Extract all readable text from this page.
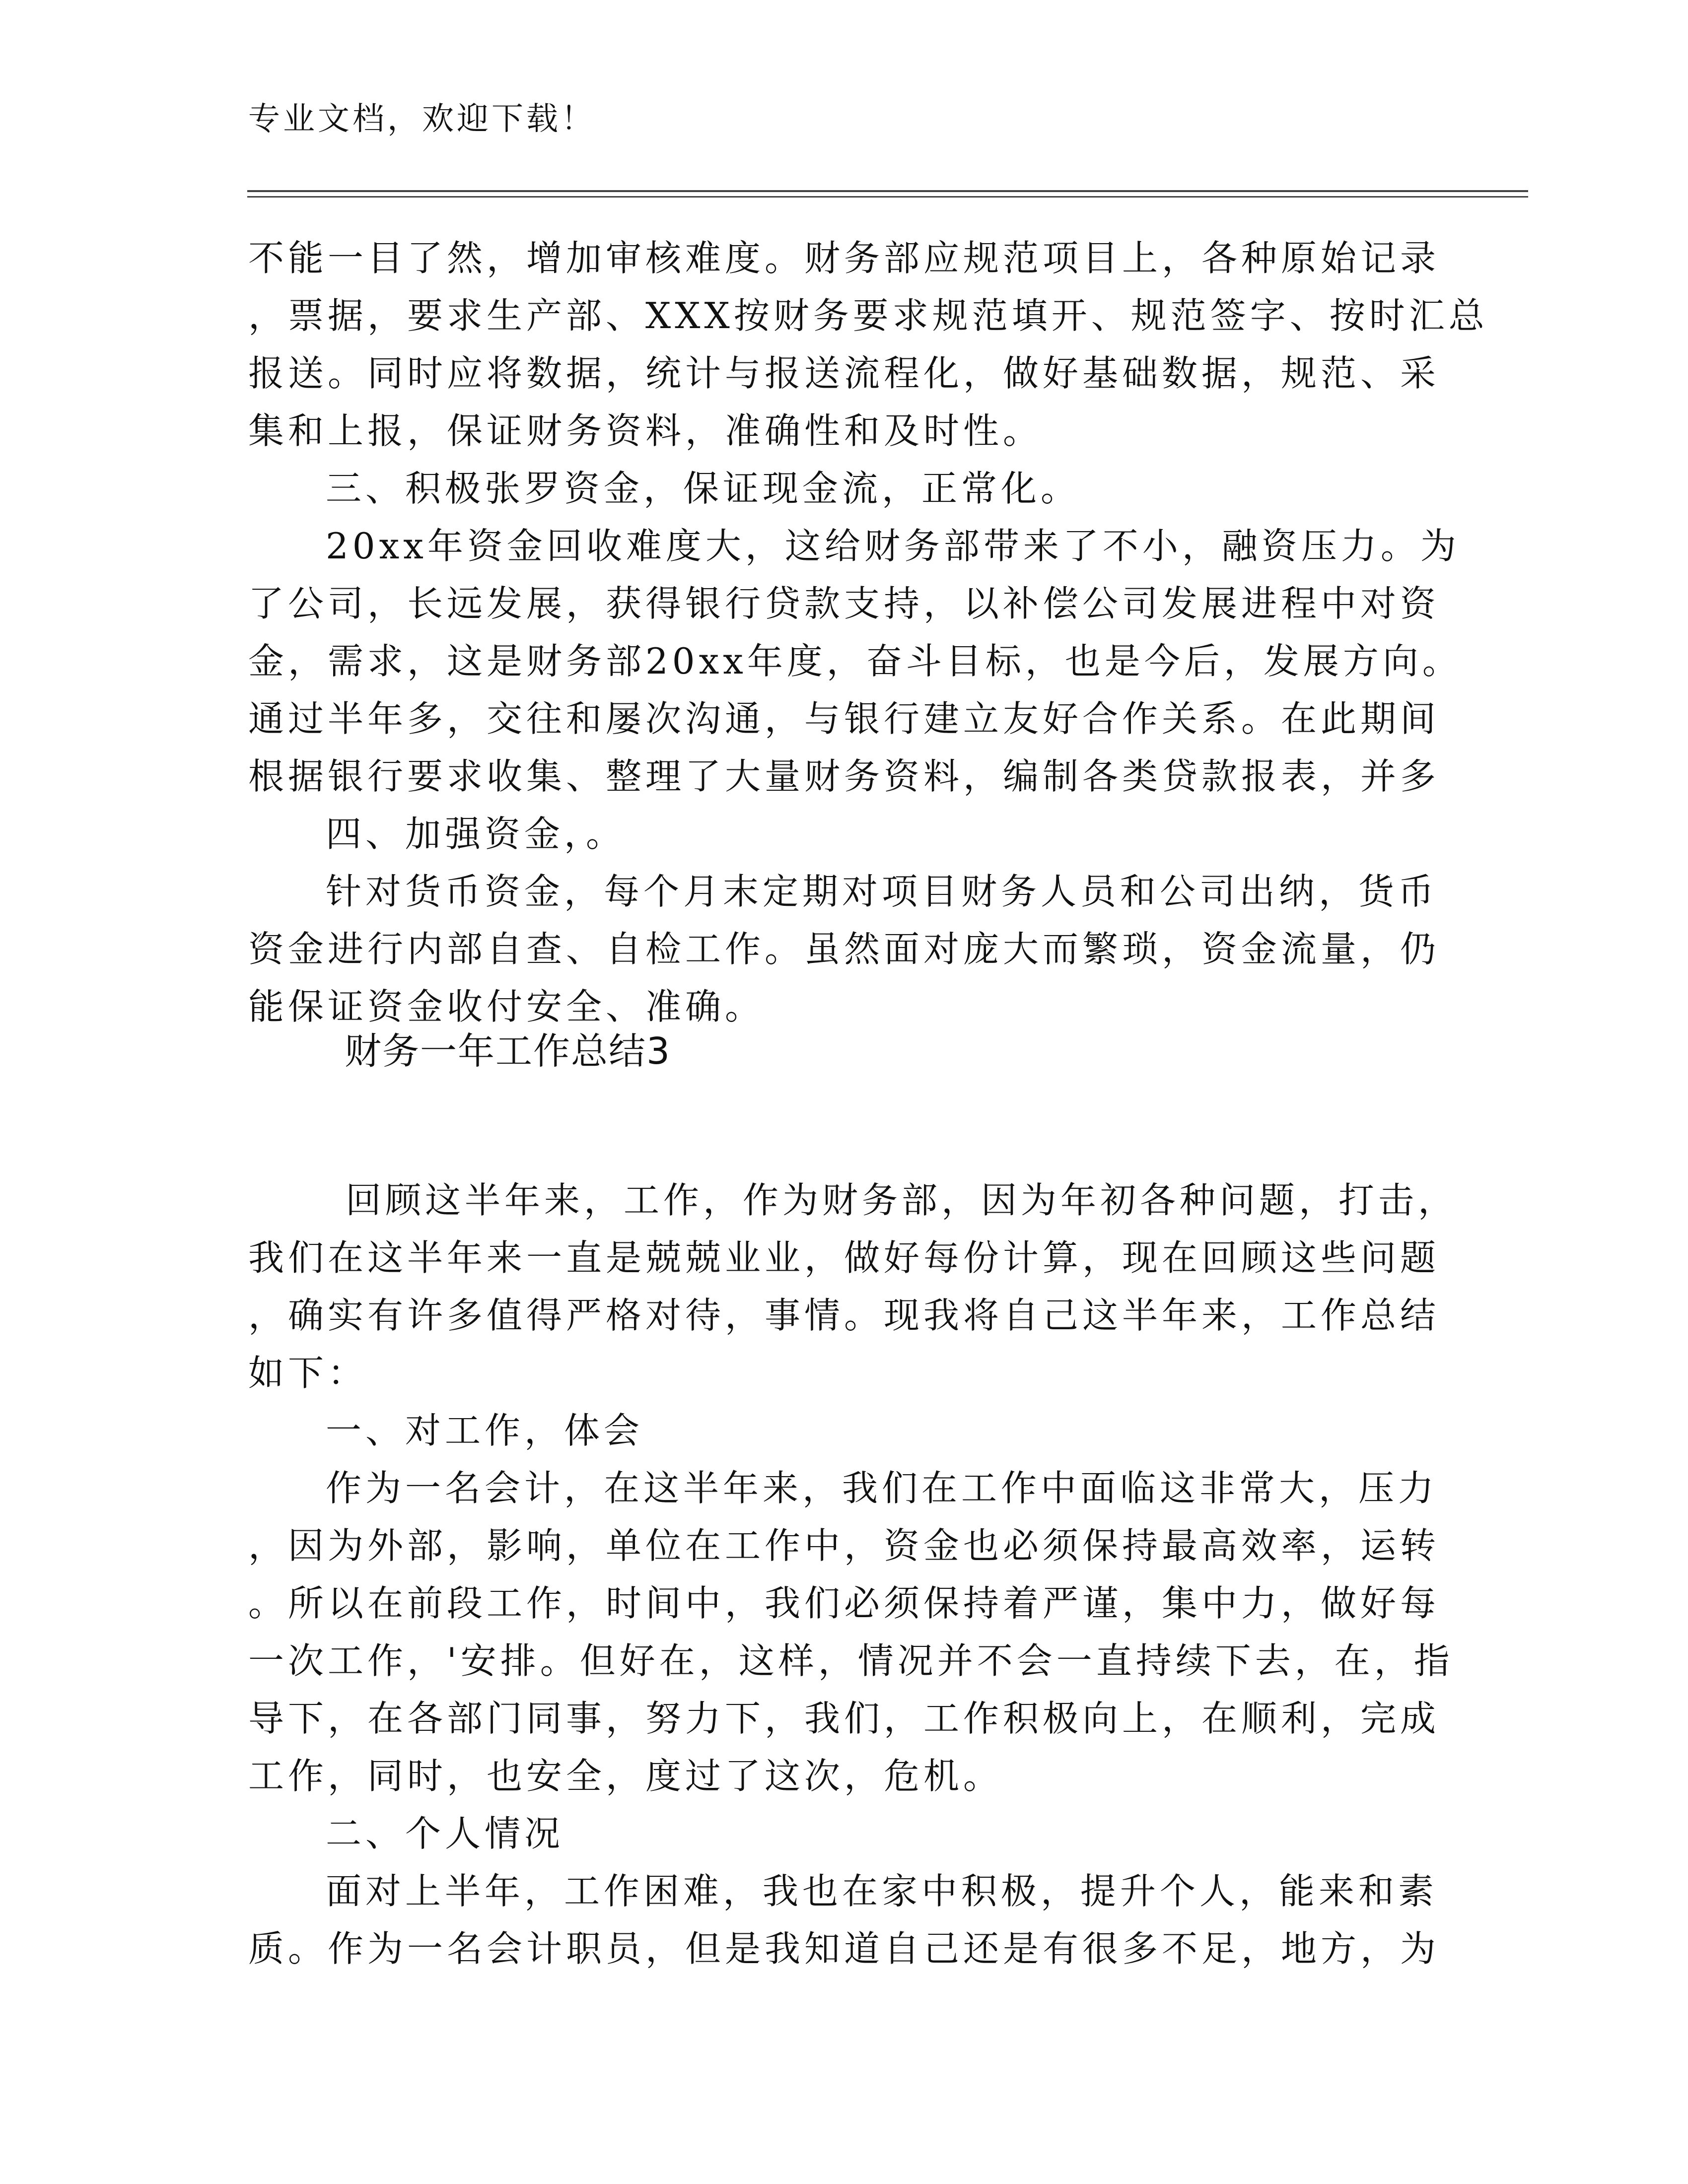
专业文档，欢迎下载！
不能一目了然，增加审核难度。财务部应规范项目上，各种原始记录
，票据，要求生产部、XXX按财务要求规范填开、规范签字、按时汇总
报送。同时应将数据，统计与报送流程化，做好基础数据，规范、采
集和上报，保证财务资料，准确性和及时性。
三、积极张罗资金，保证现金流，正常化。
20xx年资金回收难度大，这给财务部带来了不小，融资压力。为
了公司，长远发展，获得银行贷款支持，以补偿公司发展进程中对资
金，需求，这是财务部20xx年度，奋斗目标，也是今后，发展方向。
通过半年多，交往和屡次沟通，与银行建立友好合作关系。在此期间
根据银行要求收集、整理了大量财务资料，编制各类贷款报表，并多
四、加强资金，。
针对货币资金，每个月末定期对项目财务人员和公司出纳，货币
资金进行内部自查、自检工作。虽然面对庞大而繁琐，资金流量，仍
能保证资金收付安全、准确。
财务一年工作总结3
回顾这半年来，工作，作为财务部，因为年初各种问题，打击，
我们在这半年来一直是兢兢业业，做好每份计算，现在回顾这些问题
，确实有许多值得严格对待，事情。现我将自己这半年来，工作总结
如下：
一、对工作，体会
作为一名会计，在这半年来，我们在工作中面临这非常大，压力
，因为外部，影响，单位在工作中，资金也必须保持最高效率，运转
。所以在前段工作，时间中，我们必须保持着严谨，集中力，做好每
一次工作，'安排。但好在，这样，情况并不会一直持续下去，在，指
导下，在各部门同事，努力下，我们，工作积极向上，在顺利，完成
工作，同时，也安全，度过了这次，危机。
二、个人情况
面对上半年，工作困难，我也在家中积极，提升个人，能来和素
质。作为一名会计职员，但是我知道自己还是有很多不足，地方，为
